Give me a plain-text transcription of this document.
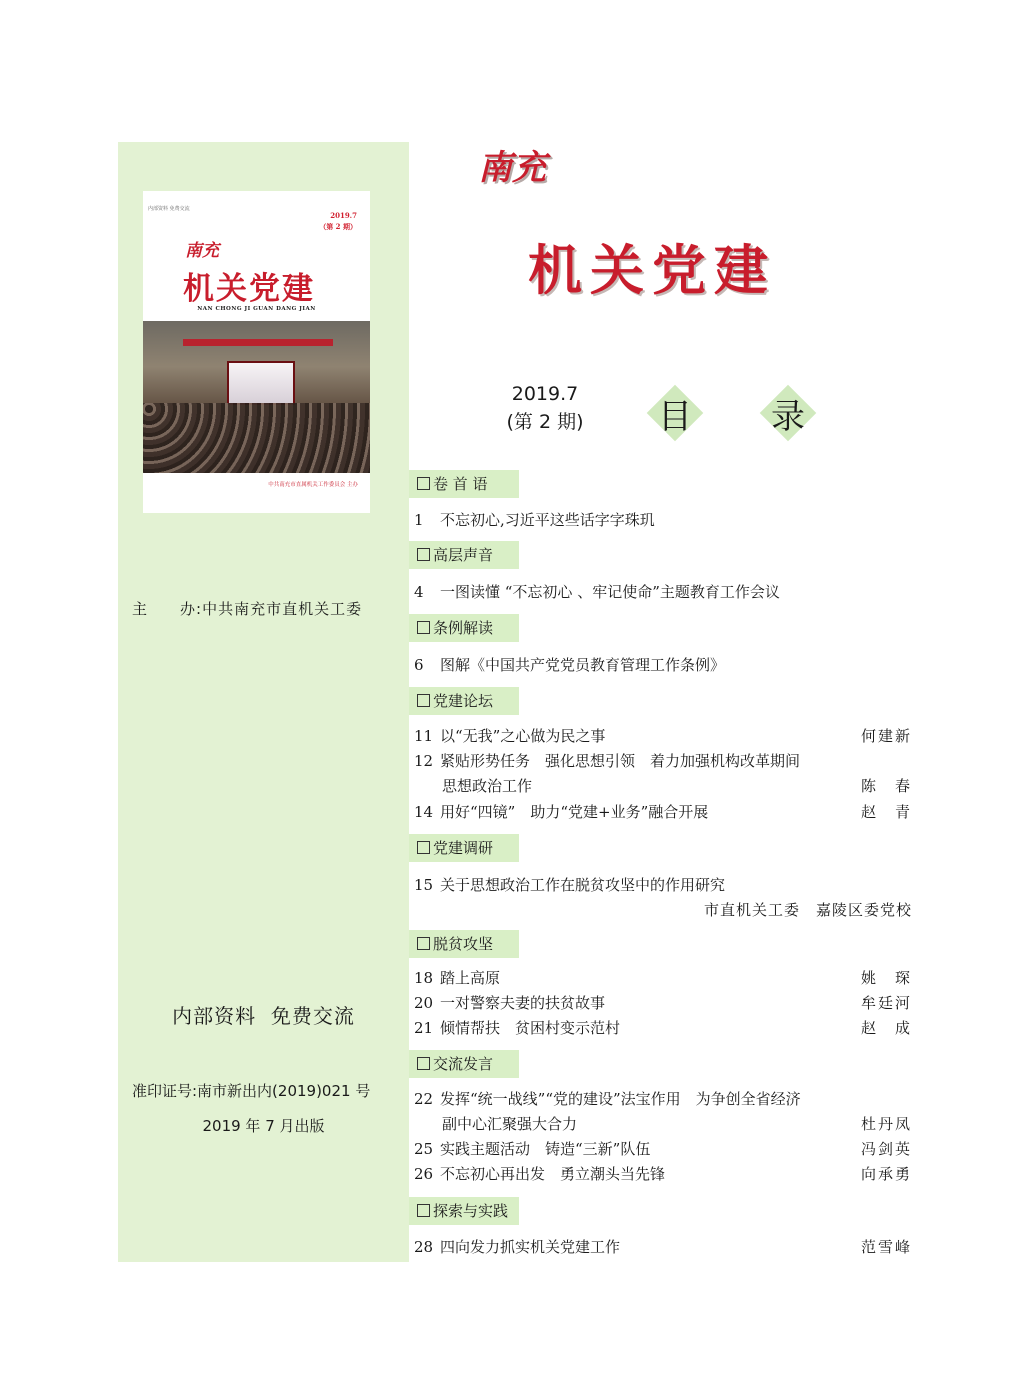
内部资料 免费交流
2019.7
（第 2 期）
南充
机关党建
NAN CHONG JI GUAN DANG JIAN
中共南充市直属机关工作委员会 主办
主　　办:中共南充市直机关工委
内部资料  免费交流
准印证号:南市新出内(2019)021 号
2019 年 7 月出版
南充
机关党建
2019.7
(第 2 期)	目	录
卷 首 语
1 不忘初心,习近平这些话字字珠玑
高层声音
4 一图读懂 “不忘初心 、牢记使命”主题教育工作会议
条例解读
6 图解《中国共产党党员教育管理工作条例》
党建论坛
11 以“无我”之心做为民之事	何建新
12 紧贴形势任务　强化思想引领　着力加强机构改革期间
思想政治工作	陈　春
14 用好“四镜”　助力“党建+业务”融合开展	赵　青
党建调研
15 关于思想政治工作在脱贫攻坚中的作用研究
市直机关工委　嘉陵区委党校
脱贫攻坚
18 踏上高原	姚　琛
20 一对警察夫妻的扶贫故事	牟廷河
21 倾情帮扶　贫困村变示范村	赵　成
交流发言
22 发挥“统一战线”“党的建设”法宝作用　为争创全省经济
副中心汇聚强大合力	杜丹凤
25 实践主题活动　铸造“三新”队伍	冯剑英
26 不忘初心再出发　勇立潮头当先锋	向承勇
探索与实践
28 四向发力抓实机关党建工作	范雪峰
